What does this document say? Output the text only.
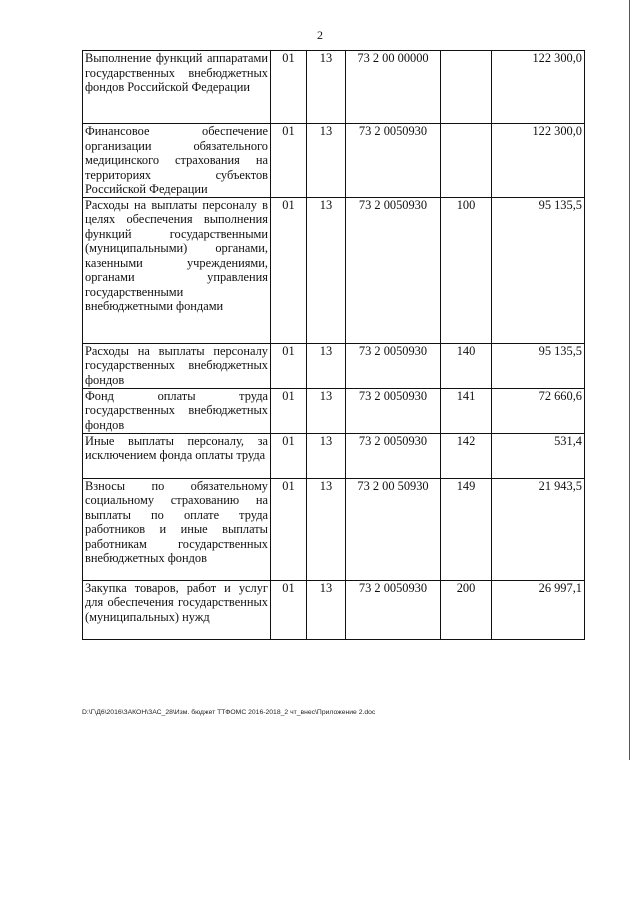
2
Выполнение функций аппаратами государственных внебюджетных фондов Российской Федерации	01	13	73 2 00 00000		122 300,0
Финансовое обеспечение организации обязательного медицинского страхования на территориях субъектов Российской Федерации	01	13	73 2 0050930		122 300,0
Расходы на выплаты персоналу в целях обеспечения выполнения функций государственными (муниципальными) органами, казенными учреждениями, органами управления государственными внебюджетными фондами	01	13	73 2 0050930	100	95 135,5
Расходы на выплаты персоналу государственных внебюджетных фондов	01	13	73 2 0050930	140	95 135,5
Фонд оплаты труда государственных внебюджетных фондов	01	13	73 2 0050930	141	72 660,6
Иные выплаты персоналу, за исключением фонда оплаты труда	01	13	73 2 0050930	142	531,4
Взносы по обязательному социальному страхованию на выплаты по оплате труда работников и иные выплаты работникам государственных внебюджетных фондов	01	13	73 2 00 50930	149	21 943,5
Закупка товаров, работ и услуг для обеспечения государственных (муниципальных) нужд	01	13	73 2 0050930	200	26 997,1
D:\Г\Д6\2016\ЗАКОН\ЗАС_28\Изм. бюджет ТТФОМС 2016-2018_2 чт_внес\Приложение 2.doc
